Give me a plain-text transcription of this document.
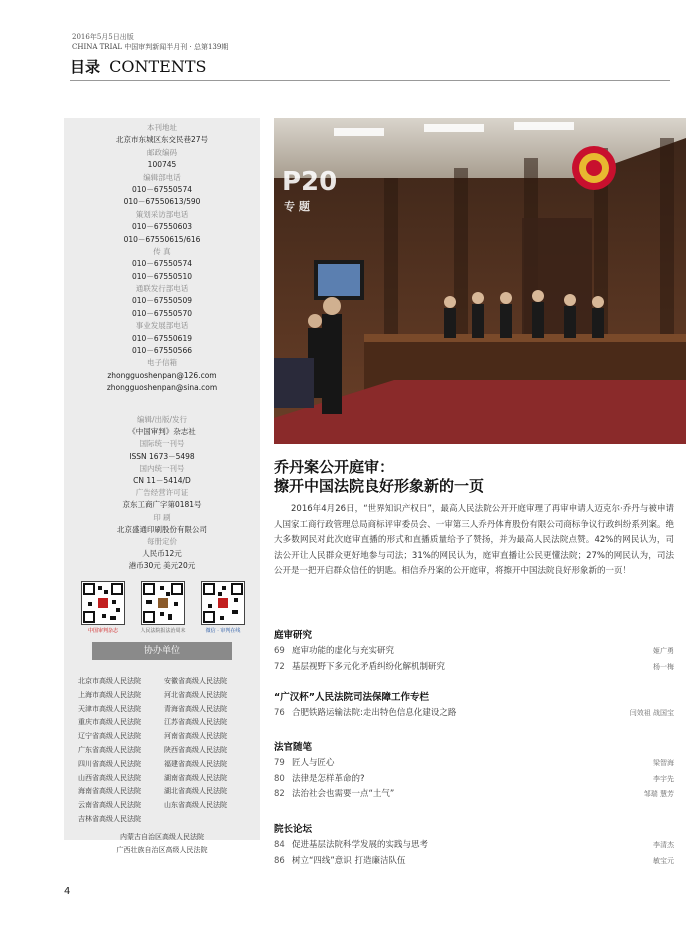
2016年5月5日出版
CHINA TRIAL 中国审判新闻半月刊 · 总第139期
目录 CONTENTS
本刊地址
北京市东城区东交民巷27号
邮政编码
100745
编辑部电话
010－67550574
010－67550613/590
策划采访部电话
010－67550603
010－67550615/616
传 真
010－67550574
010－67550510
通联发行部电话
010－67550509
010－67550570
事业发展部电话
010－67550619
010－67550566
电子信箱
zhongguoshenpan@126.com
zhongguoshenpan@sina.com
编辑/出版/发行
《中国审判》杂志社
国际统一刊号
ISSN 1673－5498
国内统一刊号
CN 11－5414/D
广告经营许可证
京东工商广字第0181号
印 刷
北京盛通印刷股份有限公司
每册定价
人民币12元
港币30元 美元20元
中国审判杂志	人民法院报法治周末	微信 · 审判在线
协办单位
北京市高级人民法院	安徽省高级人民法院
上海市高级人民法院	河北省高级人民法院
天津市高级人民法院	青海省高级人民法院
重庆市高级人民法院	江苏省高级人民法院
辽宁省高级人民法院	河南省高级人民法院
广东省高级人民法院	陕西省高级人民法院
四川省高级人民法院	福建省高级人民法院
山西省高级人民法院	湖南省高级人民法院
海南省高级人民法院	湖北省高级人民法院
云南省高级人民法院	山东省高级人民法院
吉林省高级人民法院
内蒙古自治区高级人民法院
广西壮族自治区高级人民法院
P20
专 题
乔丹案公开庭审：
擦开中国法院良好形象新的一页
2016年4月26日，“世界知识产权日”，最高人民法院公开开庭审理了再审申请人迈克尔·乔丹与被申请人国家工商行政管理总局商标评审委员会、一审第三人乔丹体育股份有限公司商标争议行政纠纷系列案。绝大多数网民对此次庭审直播的形式和直播质量给予了赞扬，并为最高人民法院点赞。42%的网民认为，司法公开让人民群众更好地参与司法；31%的网民认为，庭审直播让公民更懂法院；27%的网民认为，司法公开是一把开启群众信任的钥匙。相信乔丹案的公开庭审，将擦开中国法院良好形象新的一页！
庭审研究
69 庭审功能的虚化与充实研究	姬广勇
72 基层视野下多元化矛盾纠纷化解机制研究	杨一梅
“广汉杯”人民法院司法保障工作专栏
76 合肥铁路运输法院:走出特色信息化建设之路	闫效祖 战国宝
法官随笔
79 匠人与匠心	梁智海
80 法律是怎样革命的?	李宇先
82 法治社会也需要一点“土气”	邹瑞 慧芳
院长论坛
84 促进基层法院科学发展的实践与思考	李清杰
86 树立“四线”意识 打造廉洁队伍	敏宝元
4
